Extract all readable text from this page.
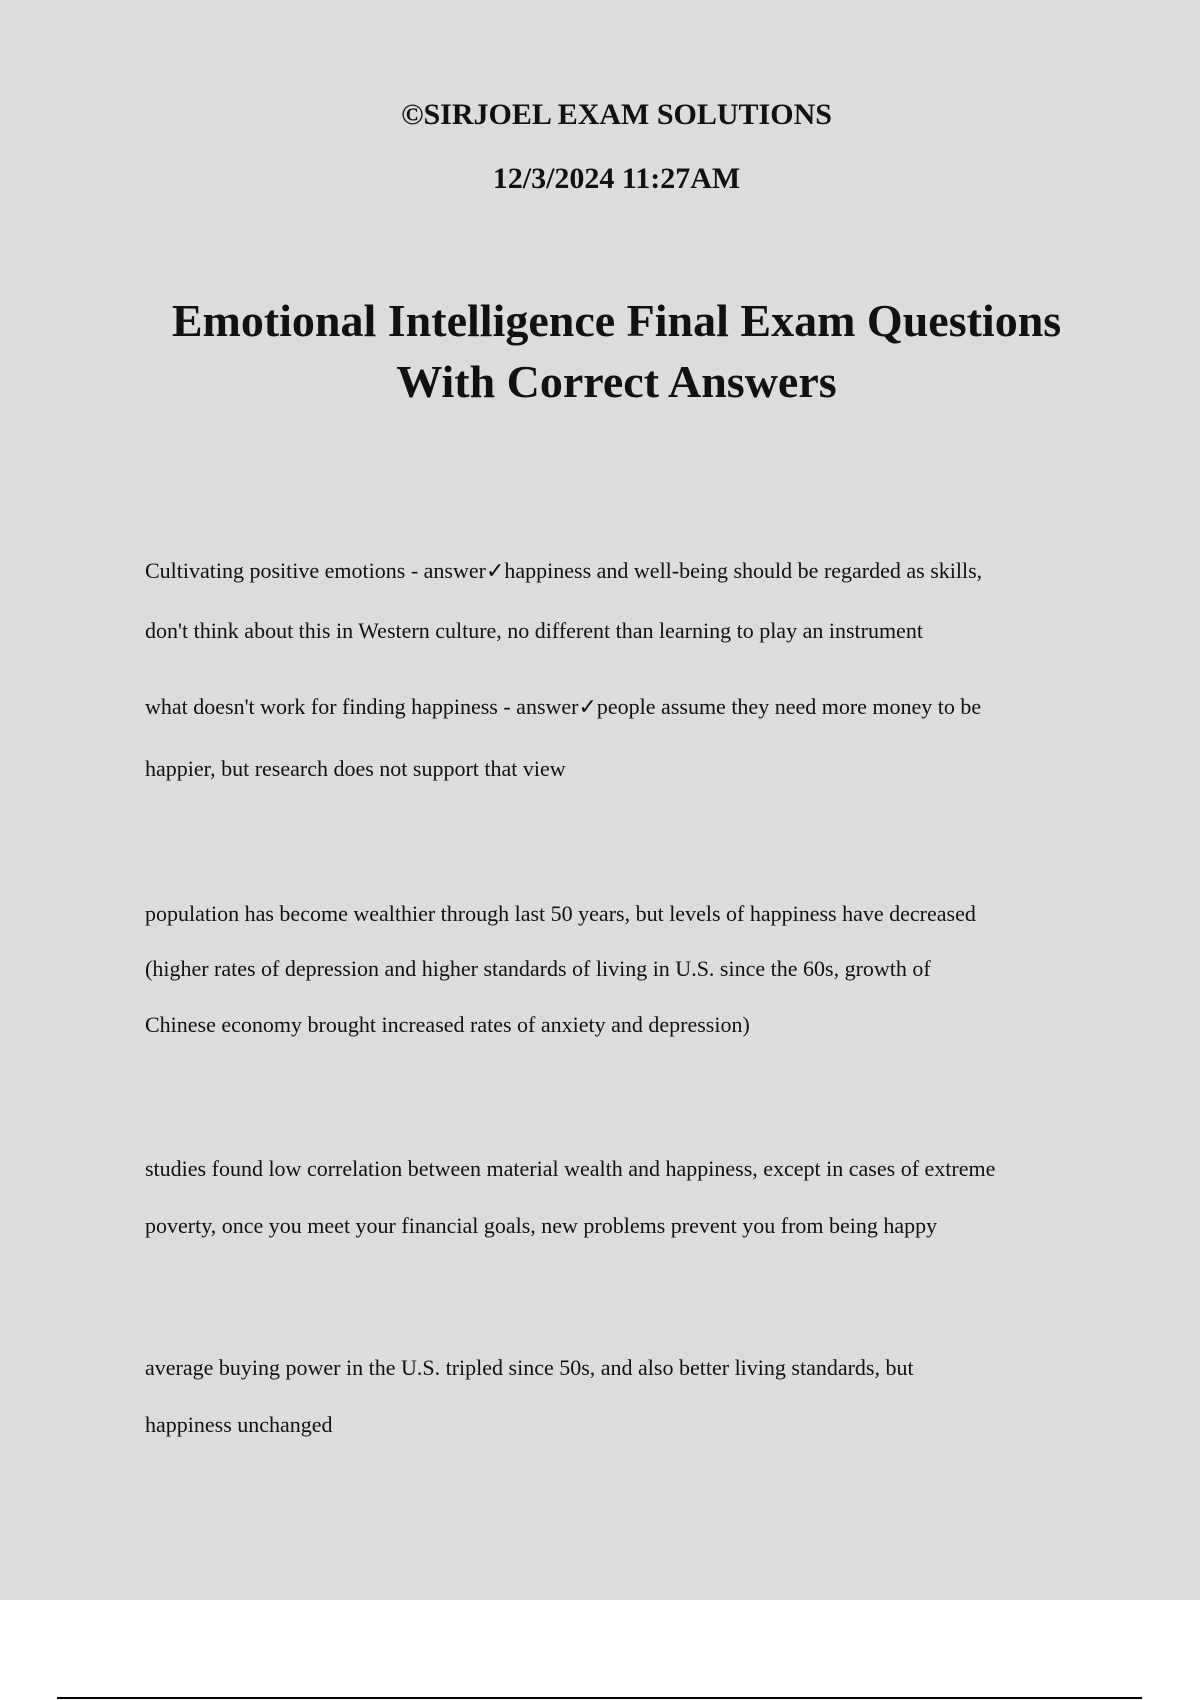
©SIRJOEL EXAM SOLUTIONS
12/3/2024 11:27AM
Emotional Intelligence Final Exam Questions
With Correct Answers

Cultivating positive emotions - answer✓happiness and well-being should be regarded as skills,
don't think about this in Western culture, no different than learning to play an instrument

what doesn't work for finding happiness - answer✓people assume they need more money to be
happier, but research does not support that view

population has become wealthier through last 50 years, but levels of happiness have decreased
(higher rates of depression and higher standards of living in U.S. since the 60s, growth of
Chinese economy brought increased rates of anxiety and depression)

studies found low correlation between material wealth and happiness, except in cases of extreme
poverty, once you meet your financial goals, new problems prevent you from being happy

average buying power in the U.S. tripled since 50s, and also better living standards, but
happiness unchanged
